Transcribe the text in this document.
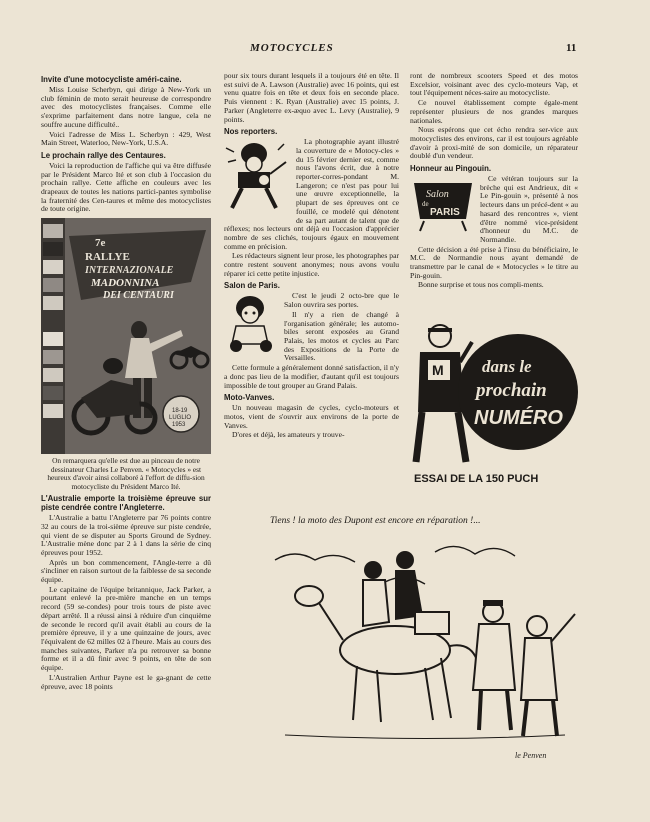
MOTOCYCLES	11
Invite d'une motocycliste améri-caine.

Miss Louise Scherbyn, qui dirige à New-York un club féminin de moto serait heureuse de correspondre avec des motocyclistes françaises. Comme elle s'exprime parfaitement dans notre langue, cela ne souffre aucune difficulté..

Voici l'adresse de Miss L. Scherbyn : 429, West Main Street, Waterloo, New-York, U.S.A.

Le prochain rallye des Centaures.

Voici la reproduction de l'affiche qui va être diffusée par le Président Marco Ité et son club à l'occasion du prochain rallye. Cette affiche en couleurs avec les drapeaux de toutes les nations partici-pantes symbolise la fraternité des Cen-taures et même des motocyclistes de toute origine.

7e
RALLYE
INTERNAZIONALE
MADONNINA
DEI CENTAURI
18-19
LUGLIO
1953
On remarquera qu'elle est due au pinceau de notre dessinateur Charles Le Penven. « Motocycles » est heureux d'avoir ainsi collaboré à l'effort de diffu-sion motocycliste du Président Marco Ité.
L'Australie emporte la troisième épreuve sur piste cendrée contre l'Angleterre.

L'Australie a battu l'Angleterre par 76 points contre 32 au cours de la troi-sième épreuve sur piste cendrée, qui vient de se disputer au Sports Ground de Sydney. L'Australie mène donc par 2 à 1 dans la série de cinq épreuves pour 1952.

Après un bon commencement, l'Angle-terre a dû s'incliner en raison surtout de la faiblesse de sa seconde équipe.

Le capitaine de l'équipe britannique, Jack Parker, a pourtant enlevé la pre-mière manche en un temps record (59 se-condes) pour trois tours de piste avec départ arrêté. Il a réussi ainsi à réduire d'un cinquième de seconde le record qu'il avait établi au cours de la première épreuve, il y a une quinzaine de jours, avec l'équivalent de 62 milles 02 à l'heure. Mais au cours des manches suivantes, Parker n'a pu retrouver sa bonne forme et il a dû finir avec 9 points, en tête de son équipe.

L'Australien Arthur Payne est le ga-gnant de cette épreuve, avec 18 points

pour six tours durant lesquels il a toujours été en tête. Il est suivi de A. Lawson (Australie) avec 16 points, qui est venu quatre fois en tête et deux fois en seconde place. Puis viennent : K. Ryan (Australie) avec 15 points, J. Parker (Angleterre ex-æquo avec L. Levy (Australie), 9 points.

Nos reporters.

La photographie ayant illustré la couverture de « Motocy-cles » du 15 février dernier est, comme nous l'avons écrit, due à notre reporter-corres-pondant M. Langeron; ce n'est pas pour lui une œuvre exceptionnelle, la plupart de ses épreuves ont ce fouillé, ce modelé qui dénotent de sa part autant de talent que de réflexes; nos lecteurs ont déjà eu l'occasion d'apprécier nombre de ses clichés, toujours égaux en mouvement comme en précision.

Les rédacteurs signent leur prose, les photographes par contre restent souvent anonymes; nous avons voulu réparer ici cette petite injustice.

Salon de Paris.

C'est le jeudi 2 octo-bre que le Salon ouvrira ses portes.

Il n'y a rien de changé à l'organisation générale; les automo-biles seront exposées au Grand Palais, les motos et cycles au Parc des Expositions de la Porte de Versailles.

Cette formule a généralement donné satisfaction, il n'y a donc pas lieu de la modifier, d'autant qu'il est toujours impossible de tout grouper au Grand Palais.

Moto-Vanves.

Un nouveau magasin de cycles, cyclo-moteurs et motos, vient de s'ouvrir aux environs de la porte de Vanves.

D'ores et déjà, les amateurs y trouve-

ront de nombreux scooters Speed et des motos Excelsior, voisinant avec des cyclo-moteurs Vap, et tout l'équipement néces-saire au motocycliste.

Ce nouvel établissement compte égale-ment représenter plusieurs de nos grandes marques nationales.

Nous espérons que cet écho rendra ser-vice aux motocyclistes des environs, car il est toujours agréable d'avoir à proxi-mité de son domicile, un réparateur doublé d'un vendeur.

Honneur au Pingouin.
Salon
de
PARIS

Ce vétéran toujours sur la brèche qui est Andrieux, dit « Le Pin-gouin », présenté à nos lecteurs dans un précé-dent « au hasard des rencontres », vient d'être nommé vice-président d'honneur du M.C. de Normandie.

Cette décision a été prise à l'insu du bénéficiaire, le M.C. de Normandie nous ayant demandé de transmettre par le canal de « Motocycles » le titre au Pin-gouin.

Bonne surprise et tous nos compli-ments.

M dans le
prochain
NUMÉRO
ESSAI DE LA 150 PUCH
Tiens ! la moto des Dupont est encore en réparation !...
le Penven
